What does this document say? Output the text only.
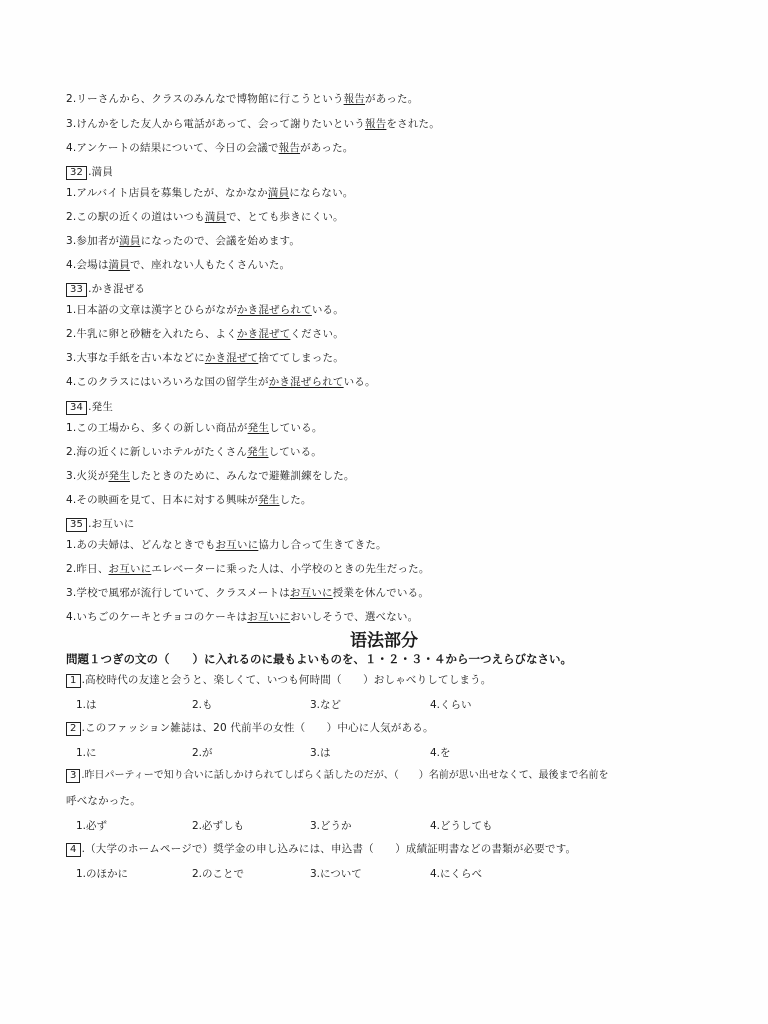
2.リーさんから、クラスのみんなで博物館に行こうという報告があった。
3.けんかをした友人から電話があって、会って謝りたいという報告をされた。
4.アンケートの結果について、今日の会議で報告があった。
32 .満員
1.アルバイト店員を募集したが、なかなか満員にならない。
2.この駅の近くの道はいつも満員で、とても歩きにくい。
3.参加者が満員になったので、会議を始めます。
4.会場は満員で、座れない人もたくさんいた。
33 .かき混ぜる
1.日本語の文章は漢字とひらがながかき混ぜられている。
2.牛乳に卵と砂糖を入れたら、よくかき混ぜてください。
3.大事な手紙を古い本などにかき混ぜて捨ててしまった。
4.このクラスにはいろいろな国の留学生がかき混ぜられている。
34 .発生
1.この工場から、多くの新しい商品が発生している。
2.海の近くに新しいホテルがたくさん発生している。
3.火災が発生したときのために、みんなで避難訓練をした。
4.その映画を見て、日本に対する興味が発生した。
35 .お互いに
1.あの夫婦は、どんなときでもお互いに協力し合って生きてきた。
2.昨日、お互いにエレベーターに乗った人は、小学校のときの先生だった。
3.学校で風邪が流行していて、クラスメートはお互いに授業を休んでいる。
4.いちごのケーキとチョコのケーキはお互いにおいしそうで、選べない。
语法部分
問題１つぎの文の（　　）に入れるのに最もよいものを、１・２・３・４から一つえらびなさい。
1 .高校時代の友達と会うと、楽しくて、いつも何時間（　　）おしゃべりしてしまう。
1.は	2.も	3.など	4.くらい
2 .このファッション雑誌は、20 代前半の女性（　　）中心に人気がある。
1.に	2.が	3.は	4.を
3 .昨日パーティーで知り合いに話しかけられてしばらく話したのだが、（　　）名前が思い出せなくて、最後まで名前を
呼べなかった。
1.必ず	2.必ずしも	3.どうか	4.どうしても
4 .（大学のホームページで）奨学金の申し込みには、申込書（　　）成績証明書などの書類が必要です。
1.のほかに	2.のことで	3.について	4.にくらべ
